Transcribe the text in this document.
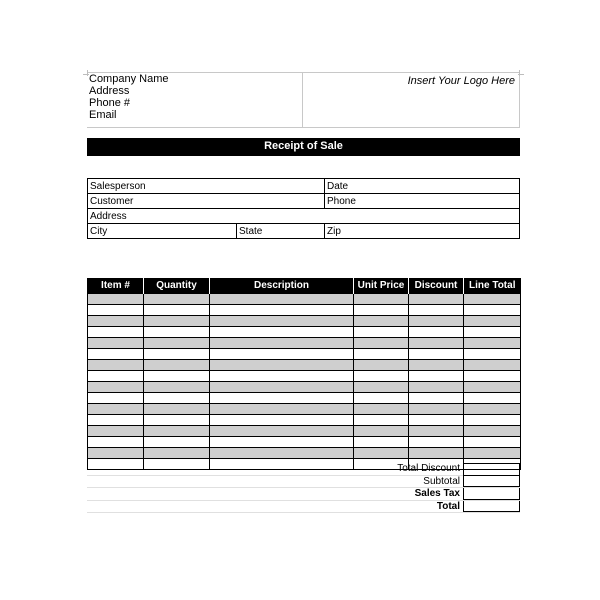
Company Name
Address
Phone #
Email
Insert Your Logo Here
Receipt of Sale
Salesperson		Date
Customer		Phone
Address		
City	State	Zip
Item #	Quantity	Description	Unit Price	Discount	Line Total

Total Discount
Subtotal
Sales Tax
Total
